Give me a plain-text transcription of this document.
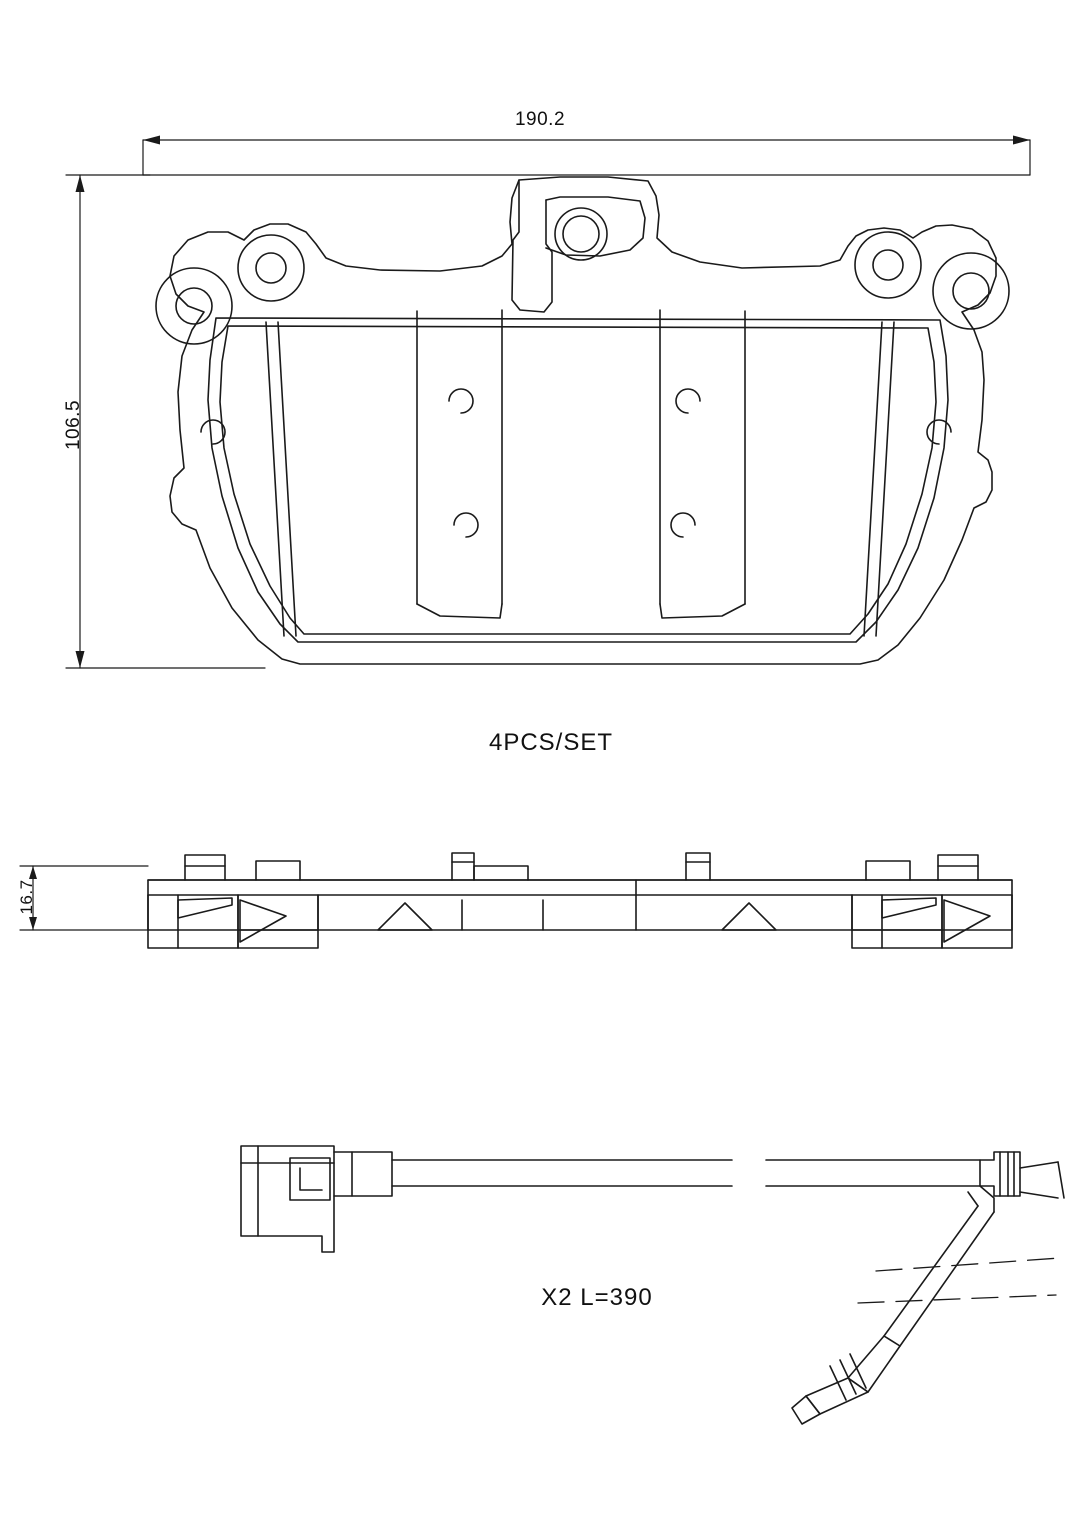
190.2
106.5
16.7
4PCS/SET
X2 L=390
